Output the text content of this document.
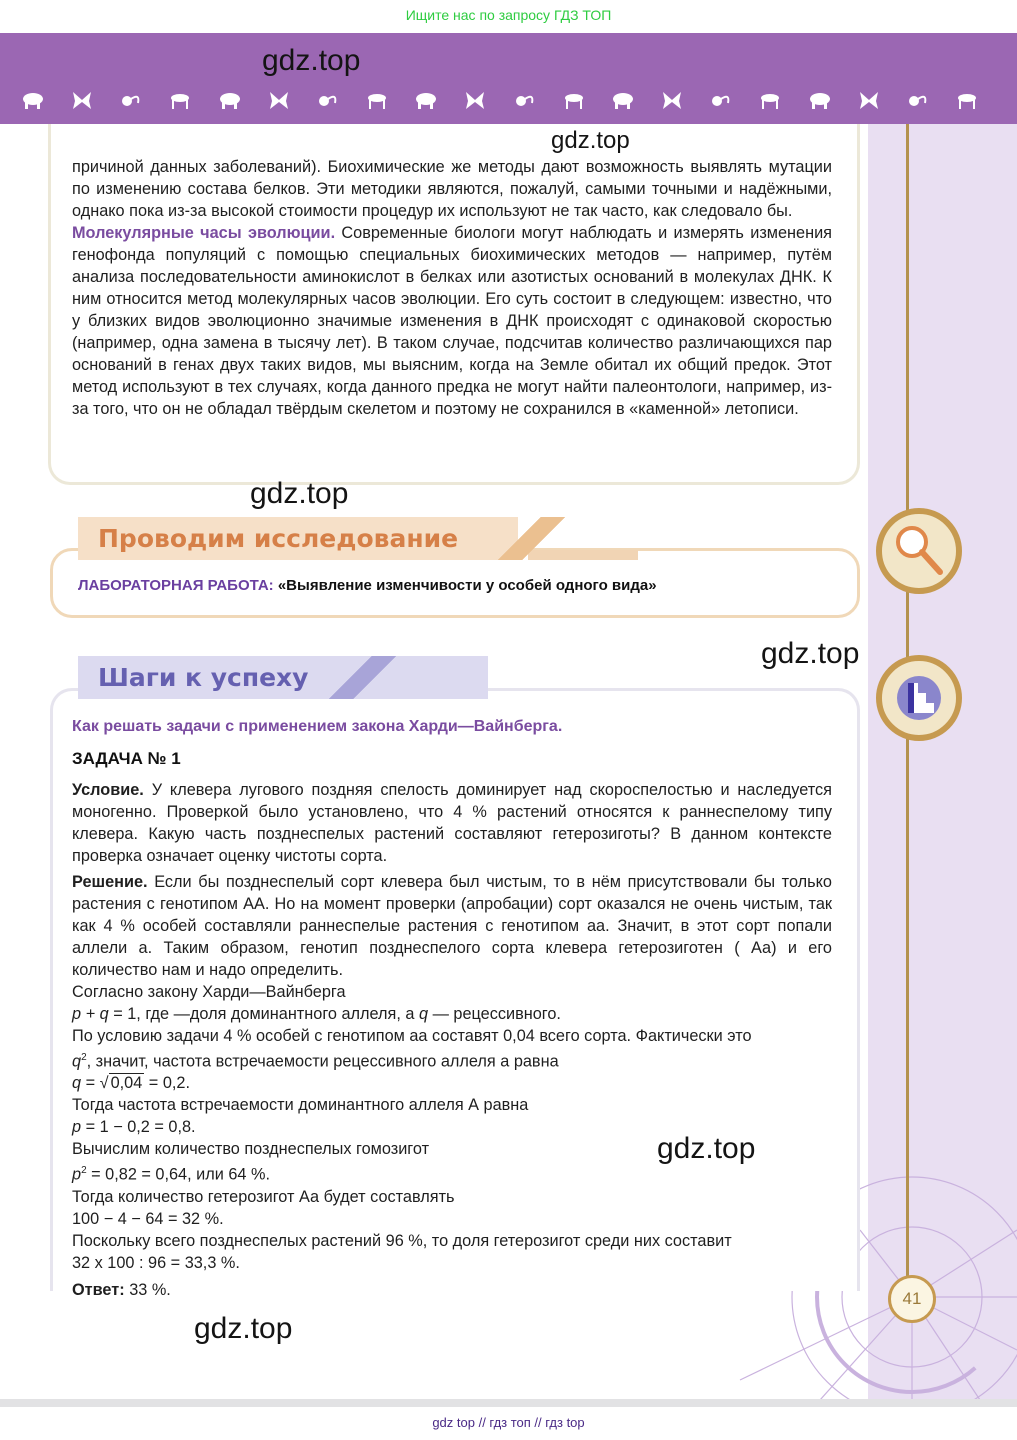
Ищите нас по запросу ГДЗ ТОП

причиной данных заболеваний). Биохимические же методы дают возможность выявлять мутации по изменению состава белков. Эти методики являются, пожалуй, самыми точными и надёжными, однако пока из-за высокой стоимости процедур их используют не так часто, как следовало бы.

Молекулярные часы эволюции. Современные биологи могут наблюдать и измерять изменения генофонда популяций с помощью специальных биохимических методов — например, путём анализа последовательности аминокислот в белках или азотистых оснований в молекулах ДНК. К ним относится метод молекулярных часов эволюции. Его суть состоит в следующем: известно, что у близких видов эволюционно значимые изменения в ДНК происходят с одинаковой скоростью (например, одна замена в тысячу лет). В таком случае, подсчитав количество различающихся пар оснований в генах двух таких видов, мы выясним, когда на Земле обитал их общий предок. Этот метод используют в тех случаях, когда данного предка не могут найти палеонтологи, например, из-за того, что он не обладал твёрдым скелетом и поэтому не сохранился в «каменной» летописи.

Проводим исследование
ЛАБОРАТОРНАЯ РАБОТА: «Выявление изменчивости у особей одного вида»
Шаги к успеху
Как решать задачи с применением закона Харди—Вайнберга.
ЗАДАЧА № 1

Условие. У клевера лугового поздняя спелость доминирует над скороспелостью и наследуется моногенно. Проверкой было установлено, что 4 % растений относятся к раннеспелому типу клевера. Какую часть позднеспелых растений составляют гетерозиготы? В данном контексте проверка означает оценку чистоты сорта.

Решение. Если бы позднеспелый сорт клевера был чистым, то в нём присутствовали бы только растения с генотипом АА. Но на момент проверки (апробации) сорт оказался не очень чистым, так как 4 % особей составляли раннеспелые растения с генотипом аа. Значит, в этот сорт попали аллели а. Таким образом, генотип позднеспелого сорта клевера гетерозиготен ( Аа) и его количество нам и надо определить.

Согласно закону Харди—Вайнберга

p + q = 1, где —доля доминантного аллеля, а q — рецессивного.

По условию задачи 4 % особей с генотипом аа составят 0,04 всего сорта. Фактически это

$q^2$, значит, частота встречаемости рецессивного аллеля а равна

q = √ 0,04 = 0,2.

Тогда частота встречаемости доминантного аллеля А равна

p = 1 − 0,2 = 0,8.

Вычислим количество позднеспелых гомозигот

$p^2 = 0,82 = 0,64$, или 64 %.

Тогда количество гетерозигот Аа будет составлять

100 − 4 − 64 = 32 %.

Поскольку всего позднеспелых растений 96 %, то доля гетерозигот среди них составит

32 х 100 : 96 = 33,3 %.

Ответ: 33 %.	41
gdz.top
gdz.top
gdz.top
gdz.top
gdz.top
gdz.top
gdz top // гдз топ // гдз top
